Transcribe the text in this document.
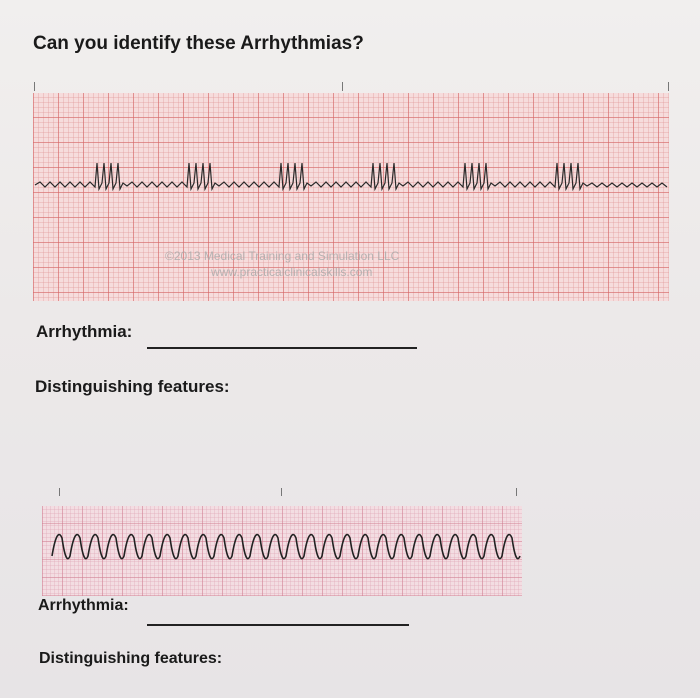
Can you identify these Arrhythmias?
©2013 Medical Training and Simulation LLC
www.practicalclinicalskills.com
Arrhythmia:
Distinguishing features:
Arrhythmia:
Distinguishing features:
